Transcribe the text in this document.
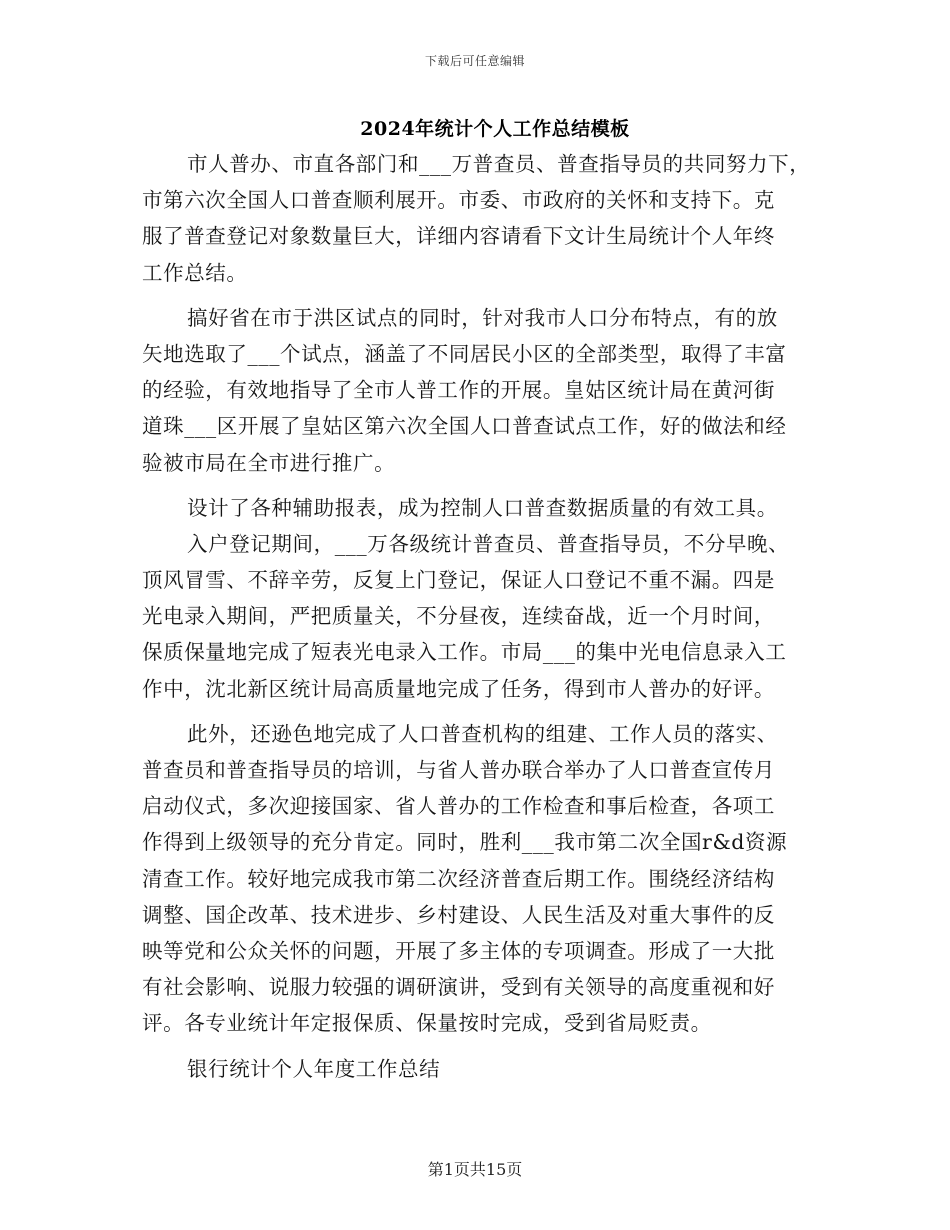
下载后可任意编辑
2024年统计个人工作总结模板
市人普办、市直各部门和___万普查员、普查指导员的共同努力下，
市第六次全国人口普查顺利展开。市委、市政府的关怀和支持下。克
服了普查登记对象数量巨大，详细内容请看下文计生局统计个人年终
工作总结。
搞好省在市于洪区试点的同时，针对我市人口分布特点，有的放
矢地选取了___个试点，涵盖了不同居民小区的全部类型，取得了丰富
的经验，有效地指导了全市人普工作的开展。皇姑区统计局在黄河街
道珠___区开展了皇姑区第六次全国人口普查试点工作，好的做法和经
验被市局在全市进行推广。
设计了各种辅助报表，成为控制人口普查数据质量的有效工具。
入户登记期间，___万各级统计普查员、普查指导员，不分早晚、
顶风冒雪、不辞辛劳，反复上门登记，保证人口登记不重不漏。四是
光电录入期间，严把质量关，不分昼夜，连续奋战，近一个月时间，
保质保量地完成了短表光电录入工作。市局___的集中光电信息录入工
作中，沈北新区统计局高质量地完成了任务，得到市人普办的好评。
此外，还逊色地完成了人口普查机构的组建、工作人员的落实、
普查员和普查指导员的培训，与省人普办联合举办了人口普查宣传月
启动仪式，多次迎接国家、省人普办的工作检查和事后检查，各项工
作得到上级领导的充分肯定。同时，胜利___我市第二次全国r&d资源
清查工作。较好地完成我市第二次经济普查后期工作。围绕经济结构
调整、国企改革、技术进步、乡村建设、人民生活及对重大事件的反
映等党和公众关怀的问题，开展了多主体的专项调查。形成了一大批
有社会影响、说服力较强的调研演讲，受到有关领导的高度重视和好
评。各专业统计年定报保质、保量按时完成，受到省局贬责。
银行统计个人年度工作总结
第1页共15页
